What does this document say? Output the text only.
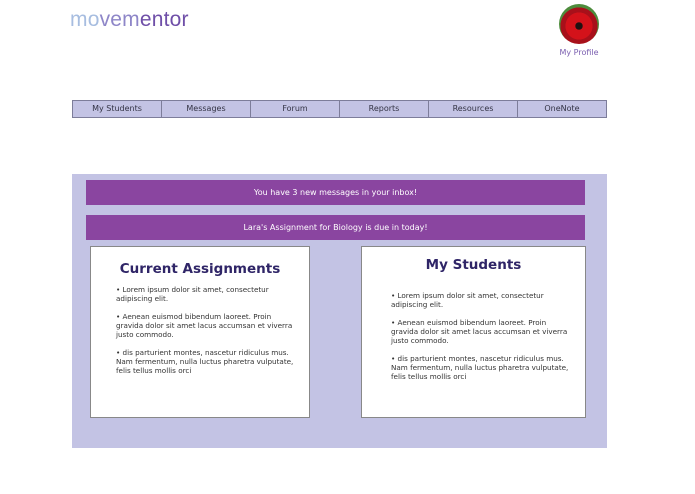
movementor
My Profile
My Students	Messages	Forum	Reports	Resources	OneNote
You have 3 new messages in your inbox!
Lara's Assignment for Biology is due in today!
Current Assignments
• Lorem ipsum dolor sit amet, consectetur adipiscing elit.
• Aenean euismod bibendum laoreet. Proin gravida dolor sit amet lacus accumsan et viverra justo commodo.
• dis parturient montes, nascetur ridiculus mus. Nam fermentum, nulla luctus pharetra vulputate, felis tellus mollis orci
My Students
• Lorem ipsum dolor sit amet, consectetur adipiscing elit.
• Aenean euismod bibendum laoreet. Proin gravida dolor sit amet lacus accumsan et viverra justo commodo.
• dis parturient montes, nascetur ridiculus mus. Nam fermentum, nulla luctus pharetra vulputate, felis tellus mollis orci
